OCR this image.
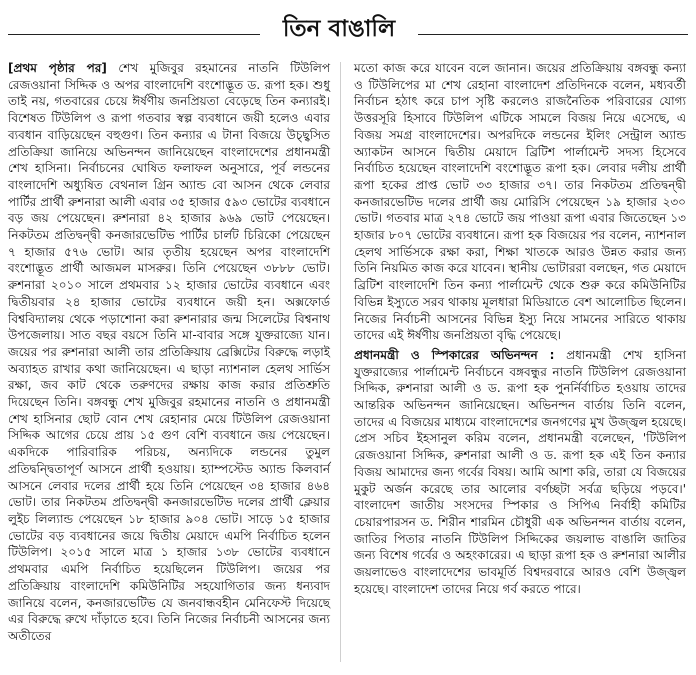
তিন বাঙালি

[প্রথম পৃষ্ঠার পর] শেখ মুজিবুর রহমানের নাতনি টিউলিপ রেজওয়ানা সিদ্দিক ও অপর বাংলাদেশি বংশোদ্ভূত ড. রূপা হক। শুধু তাই নয়, গতবারের চেয়ে ঈর্ষণীয় জনপ্রিয়তা বেড়েছে তিন কন্যারই। বিশেষত টিউলিপ ও রূপা গতবার স্বল্প ব্যবধানে জয়ী হলেও এবার ব্যবধান বাড়িয়েছেন বহুগুণ। তিন কন্যার এ টানা বিজয়ে উচ্ছ্বসিত প্রতিক্রিয়া জানিয়ে অভিনন্দন জানিয়েছেন বাংলাদেশের প্রধানমন্ত্রী শেখ হাসিনা। নির্বাচনের ঘোষিত ফলাফল অনুসারে, পূর্ব লন্ডনের বাংলাদেশি অধ্যুষিত বেথনাল গ্রিন অ্যান্ড বো আসন থেকে লেবার পার্টির প্রার্থী রুশনারা আলী এবার ৩৫ হাজার ৫৯৩ ভোটের ব্যবধানে বড় জয় পেয়েছেন। রুশনারা ৪২ হাজার ৯৬৯ ভোট পেয়েছেন। নিকটতম প্রতিদ্বন্দ্বী কনজারভেটিভ পার্টির চার্লট চিরিকো পেয়েছেন ৭ হাজার ৫৭৬ ভোট। আর তৃতীয় হয়েছেন অপর বাংলাদেশি বংশোদ্ভূত প্রার্থী আজমল মাসরুর। তিনি পেয়েছেন ৩৮৮৮ ভোট। রুশনারা ২০১০ সালে প্রথমবার ১২ হাজার ভোটের ব্যবধানে এবং দ্বিতীয়বার ২৪ হাজার ভোটের ব্যবধানে জয়ী হন। অক্সফোর্ড বিশ্ববিদ্যালয় থেকে পড়াশোনা করা রুশনারার জন্ম সিলেটের বিশ্বনাথ উপজেলায়। সাত বছর বয়সে তিনি মা-বাবার সঙ্গে যুক্তরাজ্যে যান। জয়ের পর রুশনারা আলী তার প্রতিক্রিয়ায় ব্রেক্সিটের বিরুদ্ধে লড়াই অব্যাহত রাখার কথা জানিয়েছেন। এ ছাড়া ন্যাশনাল হেলথ সার্ভিস রক্ষা, জব কাট থেকে তরুণদের রক্ষায় কাজ করার প্রতিশ্রুতি দিয়েছেন তিনি। বঙ্গবন্ধু শেখ মুজিবুর রহমানের নাতনি ও প্রধানমন্ত্রী শেখ হাসিনার ছোট বোন শেখ রেহানার মেয়ে টিউলিপ রেজওয়ানা সিদ্দিক আগের চেয়ে প্রায় ১৫ গুণ বেশি ব্যবধানে জয় পেয়েছেন। একদিকে পারিবারিক পরিচয়, অন্যদিকে লন্ডনের তুমুল প্রতিদ্বন্দ্বিতাপূর্ণ আসনে প্রার্থী হওয়ায়। হ্যাম্পস্টেড অ্যান্ড কিলবার্ন আসনে লেবার দলের প্রার্থী হয়ে তিনি পেয়েছেন ৩৪ হাজার ৪৬৪ ভোট। তার নিকটতম প্রতিদ্বন্দ্বী কনজারভেটিভ দলের প্রার্থী ক্লেয়ার লুইচ লিল্যান্ড পেয়েছেন ১৮ হাজার ৯০৪ ভোট। সাড়ে ১৫ হাজার ভোটের বড় ব্যবধানের জয়ে দ্বিতীয় মেয়াদে এমপি নির্বাচিত হলেন টিউলিপ। ২০১৫ সালে মাত্র ১ হাজার ১৩৮ ভোটের ব্যবধানে প্রথমবার এমপি নির্বাচিত হয়েছিলেন টিউলিপ। জয়ের পর প্রতিক্রিয়ায় বাংলাদেশি কমিউনিটির সহযোগিতার জন্য ধন্যবাদ জানিয়ে বলেন, কনজারভেটিভ যে জনবান্ধবহীন মেনিফেস্ট দিয়েছে এর বিরুদ্ধে রুখে দাঁড়াতে হবে। তিনি নিজের নির্বাচনী আসনের জন্য অতীতের

মতো কাজ করে যাবেন বলে জানান। জয়ের প্রতিক্রিয়ায় বঙ্গবন্ধু কন্যা ও টিউলিপের মা শেখ রেহানা বাংলাদেশ প্রতিদিনকে বলেন, মধ্যবর্তী নির্বাচন হঠাৎ করে চাপ সৃষ্টি করলেও রাজনৈতিক পরিবারের যোগ্য উত্তরসূরি হিসাবে টিউলিপ এটিকে সামলে বিজয় নিয়ে এসেছে, এ বিজয় সমগ্র বাংলাদেশের। অপরদিকে লন্ডনের ইলিং সেন্ট্রাল অ্যান্ড অ্যাকটন আসনে দ্বিতীয় মেয়াদে ব্রিটিশ পার্লামেন্ট সদস্য হিসেবে নির্বাচিত হয়েছেন বাংলাদেশি বংশোদ্ভূত রূপা হক। লেবার দলীয় প্রার্থী রূপা হকের প্রাপ্ত ভোট ৩৩ হাজার ৩৭। তার নিকটতম প্রতিদ্বন্দ্বী কনজারভেটিভ দলের প্রার্থী জয় মোরিসি পেয়েছেন ১৯ হাজার ২৩০ ভোট। গতবার মাত্র ২৭৪ ভোটে জয় পাওয়া রূপা এবার জিতেছেন ১৩ হাজার ৮০৭ ভোটের ব্যবধানে। রূপা হক বিজয়ের পর বলেন, ন্যাশনাল হেলথ সার্ভিসকে রক্ষা করা, শিক্ষা খাতকে আরও উন্নত করার জন্য তিনি নিয়মিত কাজ করে যাবেন। স্থানীয় ভোটাররা বলছেন, গত মেয়াদে ব্রিটিশ বাংলাদেশি তিন কন্যা পার্লামেন্ট থেকে শুরু করে কমিউনিটির বিভিন্ন ইস্যুতে সরব থাকায় মূলধারা মিডিয়াতে বেশ আলোচিত ছিলেন। নিজের নির্বাচনী আসনের বিভিন্ন ইস্যু নিয়ে সামনের সারিতে থাকায় তাদের এই ঈর্ষণীয় জনপ্রিয়তা বৃদ্ধি পেয়েছে।

প্রধানমন্ত্রী ও স্পিকারের অভিনন্দন : প্রধানমন্ত্রী শেখ হাসিনা যুক্তরাজ্যের পার্লামেন্ট নির্বাচনে বঙ্গবন্ধুর নাতনি টিউলিপ রেজওয়ানা সিদ্দিক, রুশনারা আলী ও ড. রূপা হক পুনর্নির্বাচিত হওয়ায় তাদের আন্তরিক অভিনন্দন জানিয়েছেন। অভিনন্দন বার্তায় তিনি বলেন, তাদের এ বিজয়ের মাধ্যমে বাংলাদেশের জনগণের মুখ উজ্জ্বল হয়েছে। প্রেস সচিব ইহসানুল করিম বলেন, প্রধানমন্ত্রী বলেছেন, 'টিউলিপ রেজওয়ানা সিদ্দিক, রুশনারা আলী ও ড. রূপা হক এই তিন কন্যার বিজয় আমাদের জন্য গর্বের বিষয়। আমি আশা করি, তারা যে বিজয়ের মুকুট অর্জন করেছে তার আলোর বর্ণচ্ছটা সর্বত্র ছড়িয়ে পড়বে।' বাংলাদেশ জাতীয় সংসদের স্পিকার ও সিপিএ নির্বাহী কমিটির চেয়ারপারসন ড. শিরীন শারমিন চৌধুরী এক অভিনন্দন বার্তায় বলেন, জাতির পিতার নাতনি টিউলিপ সিদ্দিকের জয়লাভ বাঙালি জাতির জন্য বিশেষ গর্বের ও অহংকারের। এ ছাড়া রূপা হক ও রুশনারা আলীর জয়লাভেও বাংলাদেশের ভাবমূর্তি বিশ্বদরবারে আরও বেশি উজ্জ্বল হয়েছে। বাংলাদেশ তাদের নিয়ে গর্ব করতে পারে।
